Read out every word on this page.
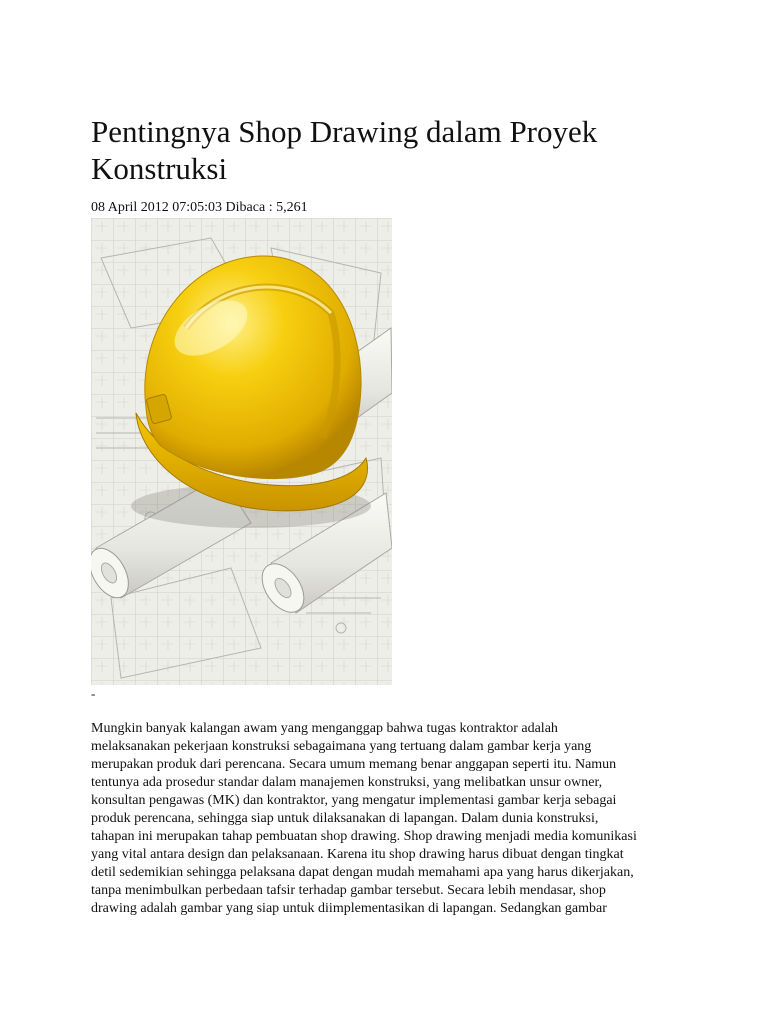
Pentingnya Shop Drawing dalam Proyek
Konstruksi
08 April 2012 07:05:03 Dibaca : 5,261
-
Mungkin banyak kalangan awam yang menganggap bahwa tugas kontraktor adalah
melaksanakan pekerjaan konstruksi sebagaimana yang tertuang dalam gambar kerja yang
merupakan produk dari perencana. Secara umum memang benar anggapan seperti itu. Namun
tentunya ada prosedur standar dalam manajemen konstruksi, yang melibatkan unsur owner,
konsultan pengawas (MK) dan kontraktor, yang mengatur implementasi gambar kerja sebagai
produk perencana, sehingga siap untuk dilaksanakan di lapangan. Dalam dunia konstruksi,
tahapan ini merupakan tahap pembuatan shop drawing. Shop drawing menjadi media komunikasi
yang vital antara design dan pelaksanaan. Karena itu shop drawing harus dibuat dengan tingkat
detil sedemikian sehingga pelaksana dapat dengan mudah memahami apa yang harus dikerjakan,
tanpa menimbulkan perbedaan tafsir terhadap gambar tersebut. Secara lebih mendasar, shop
drawing adalah gambar yang siap untuk diimplementasikan di lapangan. Sedangkan gambar
